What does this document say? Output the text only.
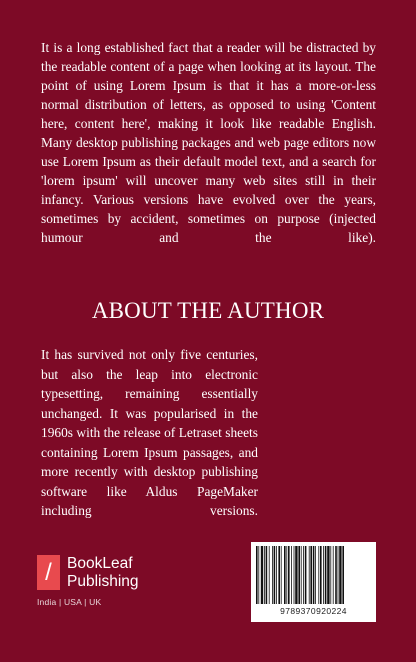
It is a long established fact that a reader will be distracted by the readable content of a page when looking at its layout. The point of using Lorem Ipsum is that it has a more-or-less normal distribution of letters, as opposed to using 'Content here, content here', making it look like readable English. Many desktop publishing packages and web page editors now use Lorem Ipsum as their default model text, and a search for 'lorem ipsum' will uncover many web sites still in their infancy. Various versions have evolved over the years, sometimes by accident, sometimes on purpose (injected humour and the like).

ABOUT THE AUTHOR

It has survived not only five centuries, but also the leap into electronic typesetting, remaining essentially unchanged. It was popularised in the 1960s with the release of Letraset sheets containing Lorem Ipsum passages, and more recently with desktop publishing software like Aldus PageMaker including versions.

/ BookLeaf
Publishing
India | USA | UK
9789370920224
